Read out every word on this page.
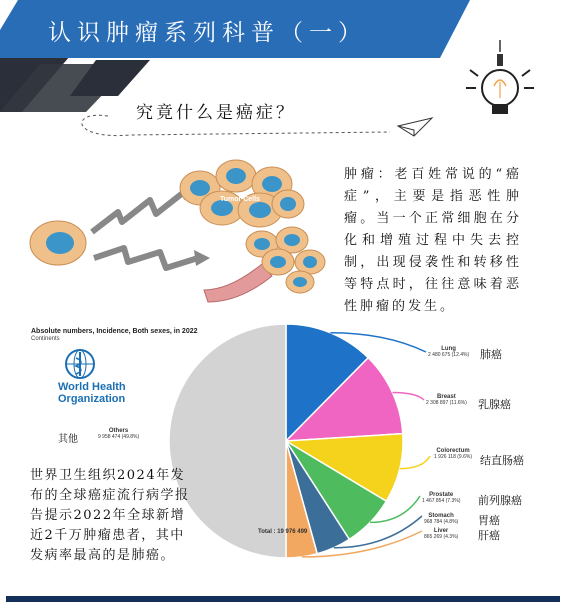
认识肿瘤系列科普（一）
究竟什么是癌症？
Tumor Cells
肿瘤：老百姓常说的“癌症”，主要是指恶性肿瘤。当一个正常细胞在分化和增殖过程中失去控制，出现侵袭性和转移性等特点时，往往意味着恶性肿瘤的发生。
Absolute numbers, Incidence, Both sexes, in 2022
Continents
World Health
Organization
其他
Others
9 958 474 (49.8%)
Lung
2 480 675 (12.4%) 肺癌
Breast
2 308 897 (11.6%) 乳腺癌
Colorectum
1 926 118 (9.6%) 结直肠癌
Prostate
1 467 854 (7.3%) 前列腺癌
Stomach
968 784 (4.8%) 胃癌
Liver
865 269 (4.3%) 肝癌
Total : 19 976 499
世界卫生组织2024年发布的全球癌症流行病学报告提示2022年全球新增近2千万肿瘤患者，其中发病率最高的是肺癌。
